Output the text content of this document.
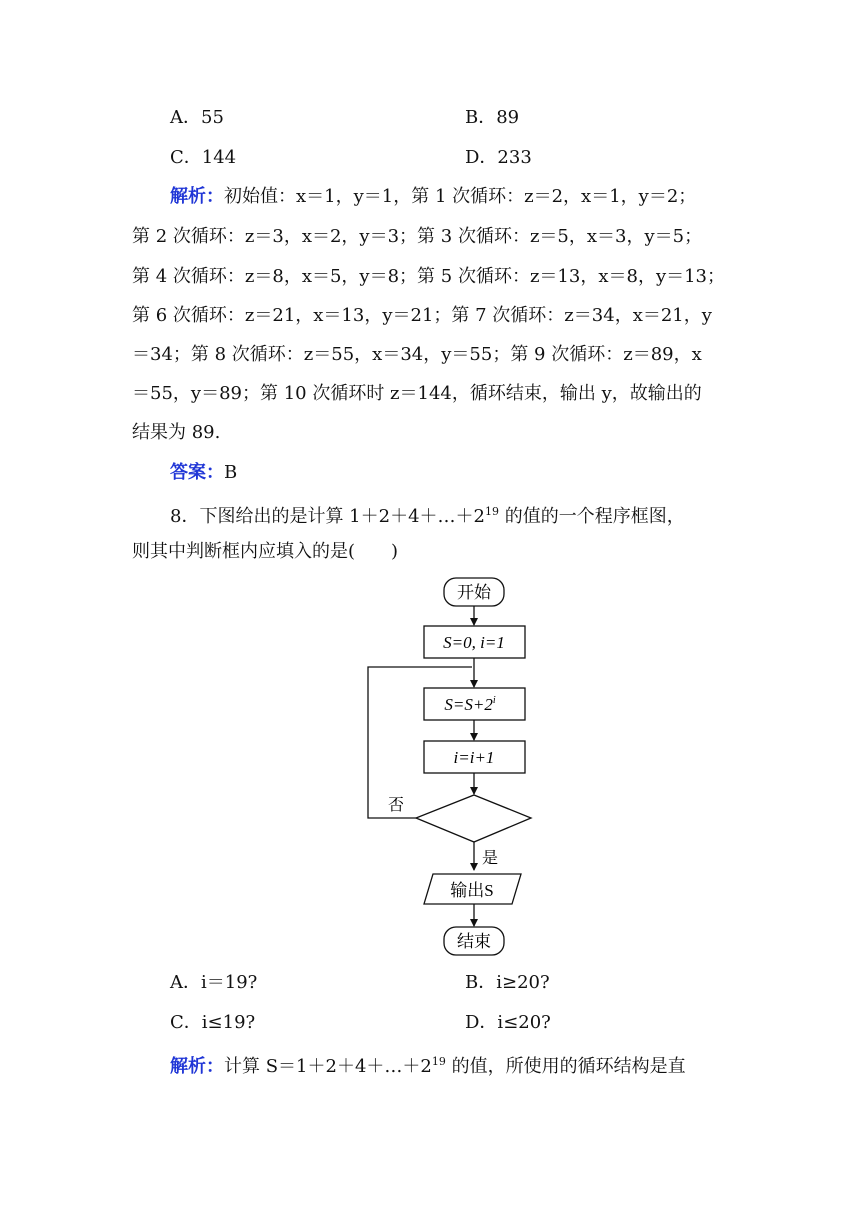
A．55	B．89
C．144	D．233
解析：初始值：x＝1，y＝1，第 1 次循环：z＝2，x＝1，y＝2；
第 2 次循环：z＝3，x＝2，y＝3；第 3 次循环：z＝5，x＝3，y＝5；
第 4 次循环：z＝8，x＝5，y＝8；第 5 次循环：z＝13，x＝8，y＝13；
第 6 次循环：z＝21，x＝13，y＝21；第 7 次循环：z＝34，x＝21，y
＝34；第 8 次循环：z＝55，x＝34，y＝55；第 9 次循环：z＝89，x
＝55，y＝89；第 10 次循环时 z＝144，循环结束，输出 y，故输出的
结果为 89.
答案：B
8．下图给出的是计算 $1+2+4+\dots+2^{19}$ 的值的一个程序框图，
则其中判断框内应填入的是(　　)
开始
S=0, i=1
$S=S+2^i$
i=i+1
否
是
输出S
结束
A．i＝19?	B．i≥20?
C．i≤19?	D．i≤20?
解析：计算 $S=1+2+4+\dots+2^{19}$ 的值，所使用的循环结构是直
